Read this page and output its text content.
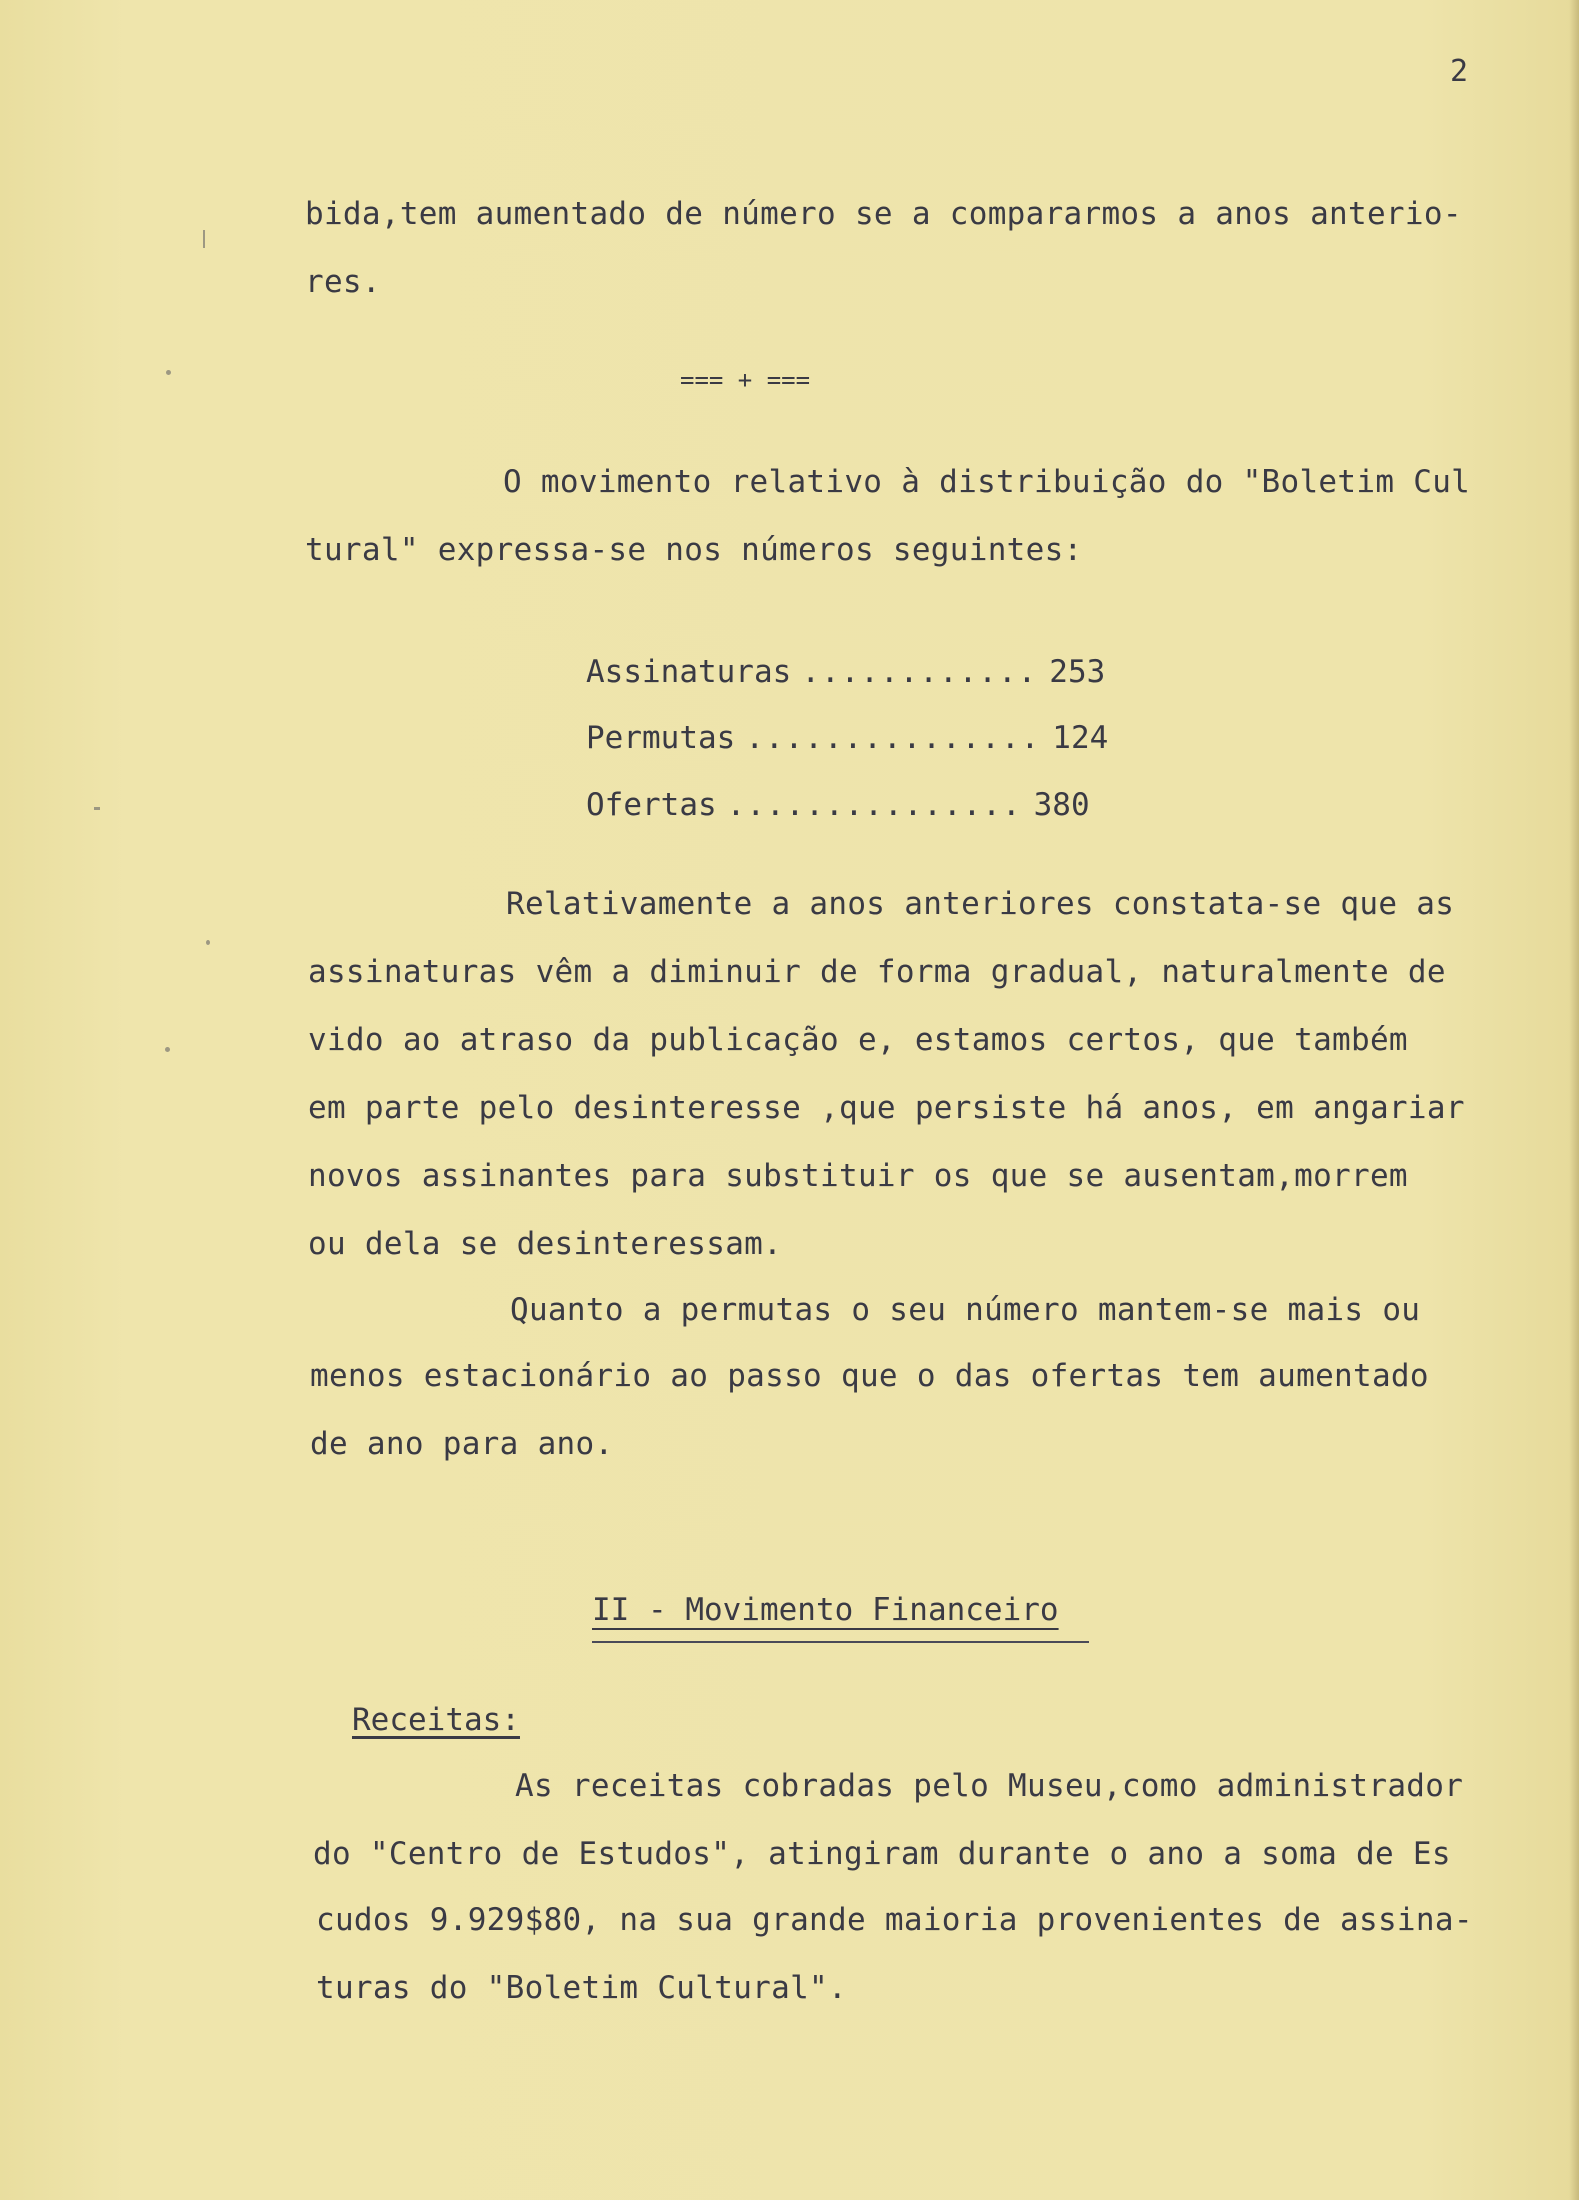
2

bida,tem aumentado de número se a compararmos a anos anterio-

res.

=== + ===

O movimento relativo à distribuição do "Boletim Cul

tural" expressa-se nos números seguintes:

Assinaturas ............ 253
Permutas ............... 124
Ofertas ............... 380

Relativamente a anos anteriores constata-se que as

assinaturas vêm a diminuir de forma gradual, naturalmente de

vido ao atraso da publicação e, estamos certos, que também

em parte pelo desinteresse ,que persiste há anos, em angariar

novos assinantes para substituir os que se ausentam,morrem

ou dela se desinteressam.

Quanto a permutas o seu número mantem-se mais ou

menos estacionário ao passo que o das ofertas tem aumentado

de ano para ano.

II - Movimento Financeiro
Receitas:

As receitas cobradas pelo Museu,como administrador

do "Centro de Estudos", atingiram durante o ano a soma de Es

cudos 9.929$80, na sua grande maioria provenientes de assina-

turas do "Boletim Cultural".
